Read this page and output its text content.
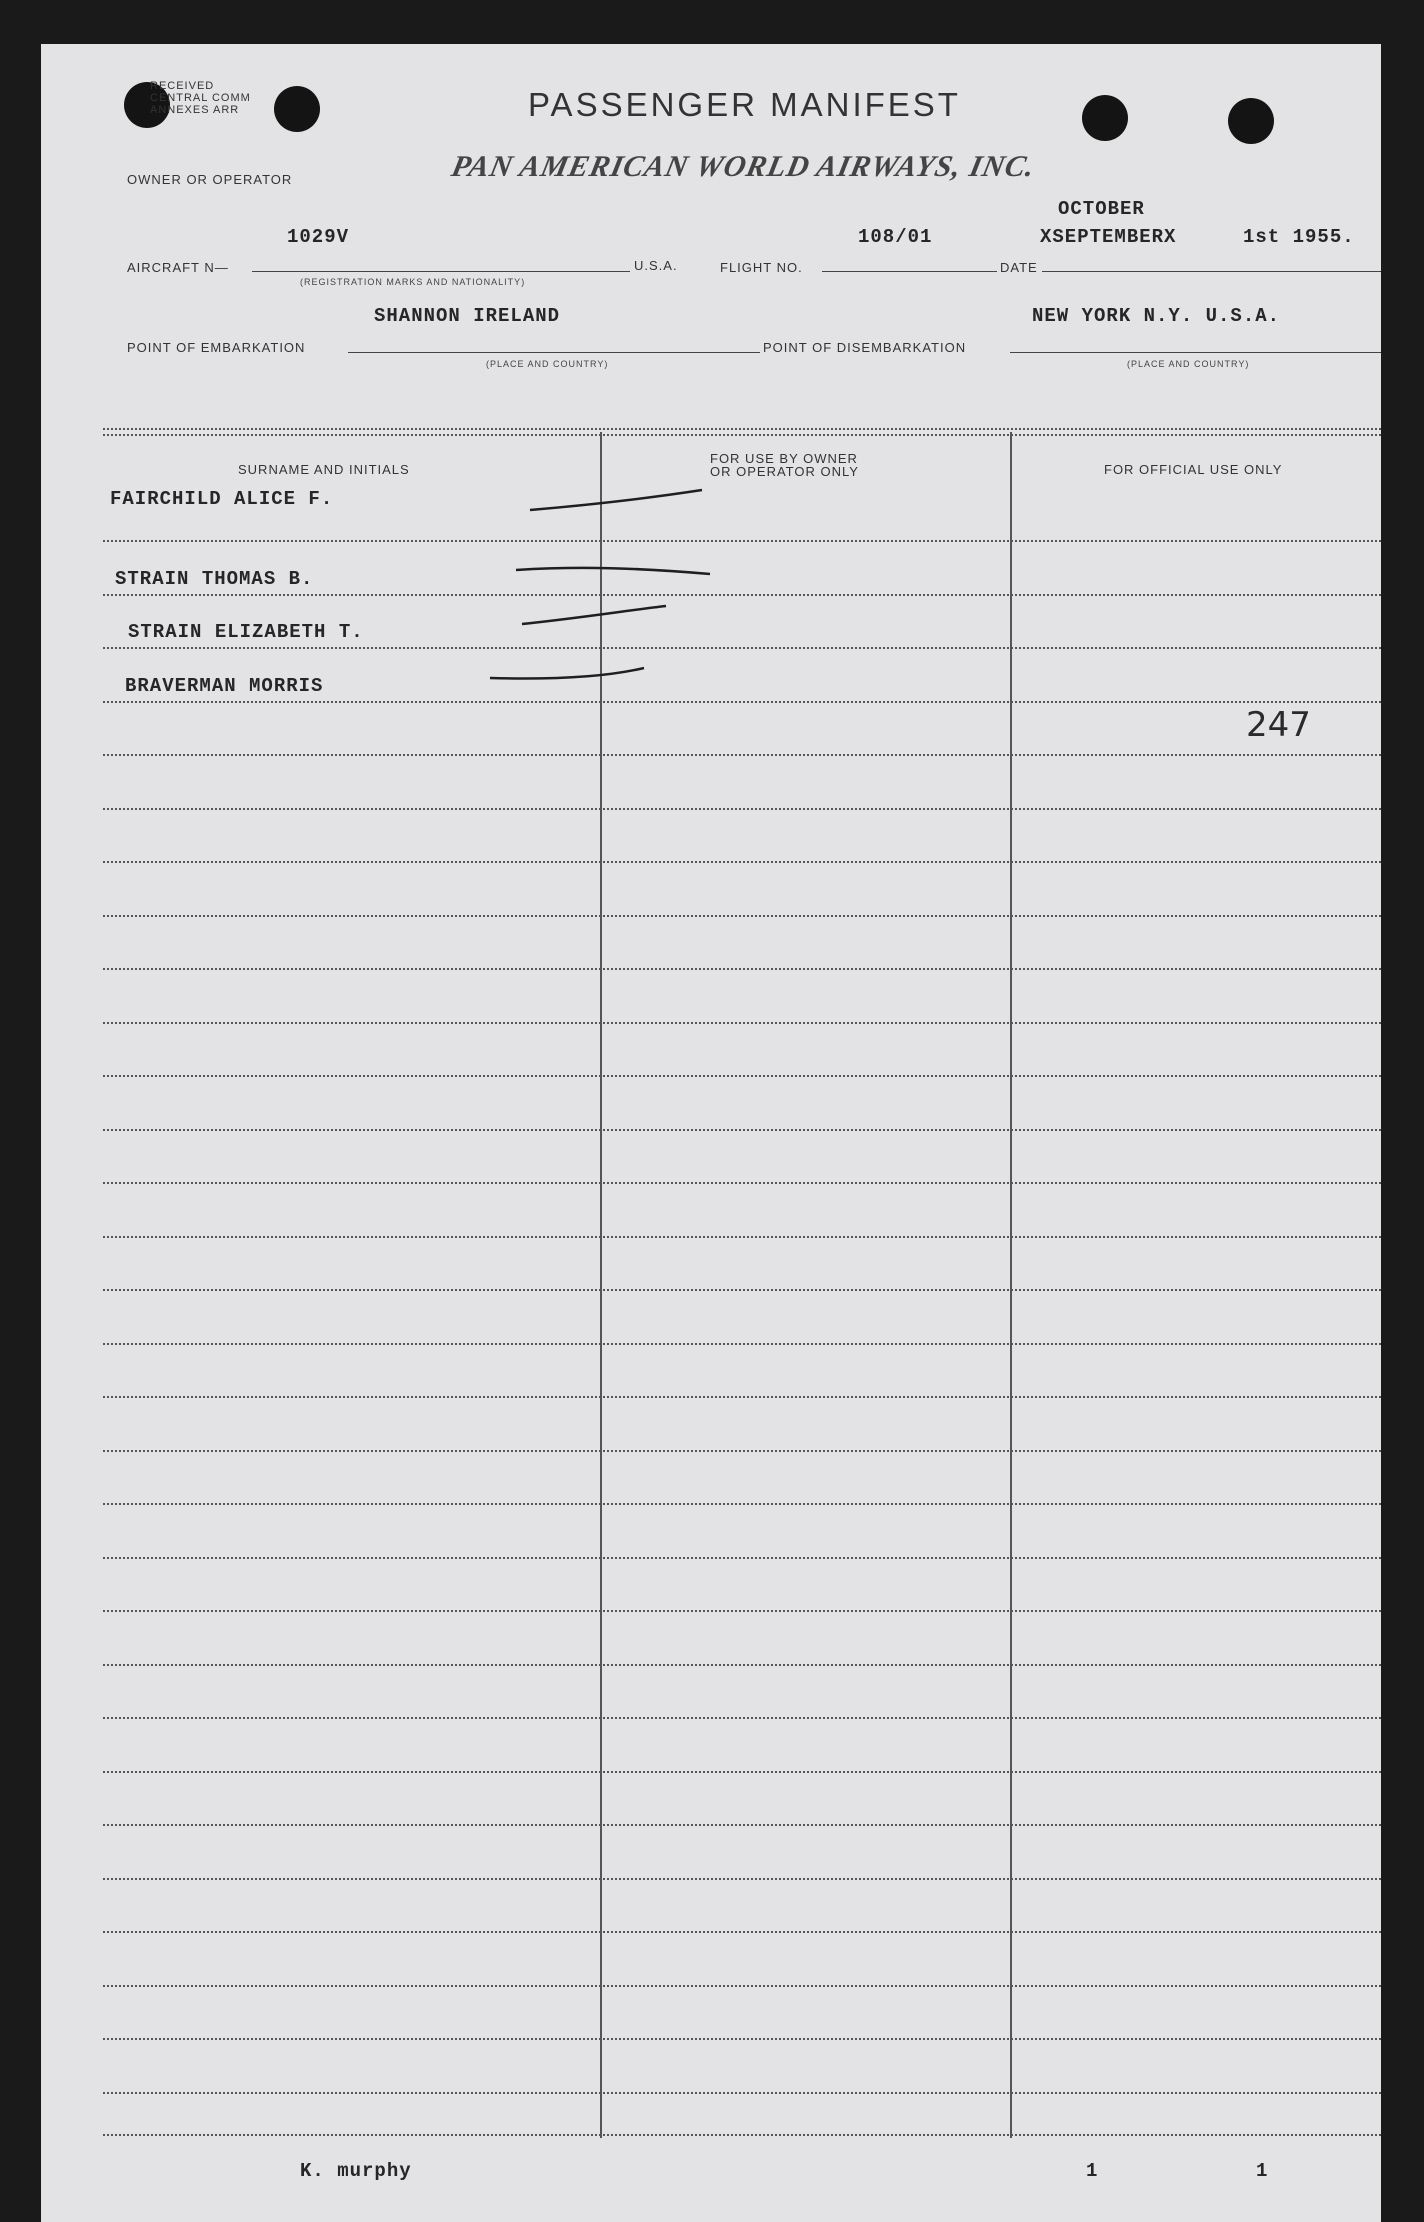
RECEIVED
CENTRAL COMM
ANNEXES ARR	PASSENGER MANIFEST
OWNER OR OPERATOR	PAN AMERICAN WORLD AIRWAYS, INC.
1029V	108/01
OCTOBER
XSEPTEMBERX	1st 1955.
AIRCRAFT N—
(REGISTRATION MARKS AND NATIONALITY)
U.S.A.	FLIGHT NO.	DATE
SHANNON IRELAND	NEW YORK N.Y. U.S.A.
POINT OF EMBARKATION
(PLACE AND COUNTRY)
POINT OF DISEMBARKATION
(PLACE AND COUNTRY)
SURNAME AND INITIALS
FOR USE BY OWNER
OR OPERATOR ONLY	FOR OFFICIAL USE ONLY
FAIRCHILD ALICE F.
STRAIN THOMAS B.
STRAIN ELIZABETH T.
BRAVERMAN MORRIS
247
K. murphy	1	1
